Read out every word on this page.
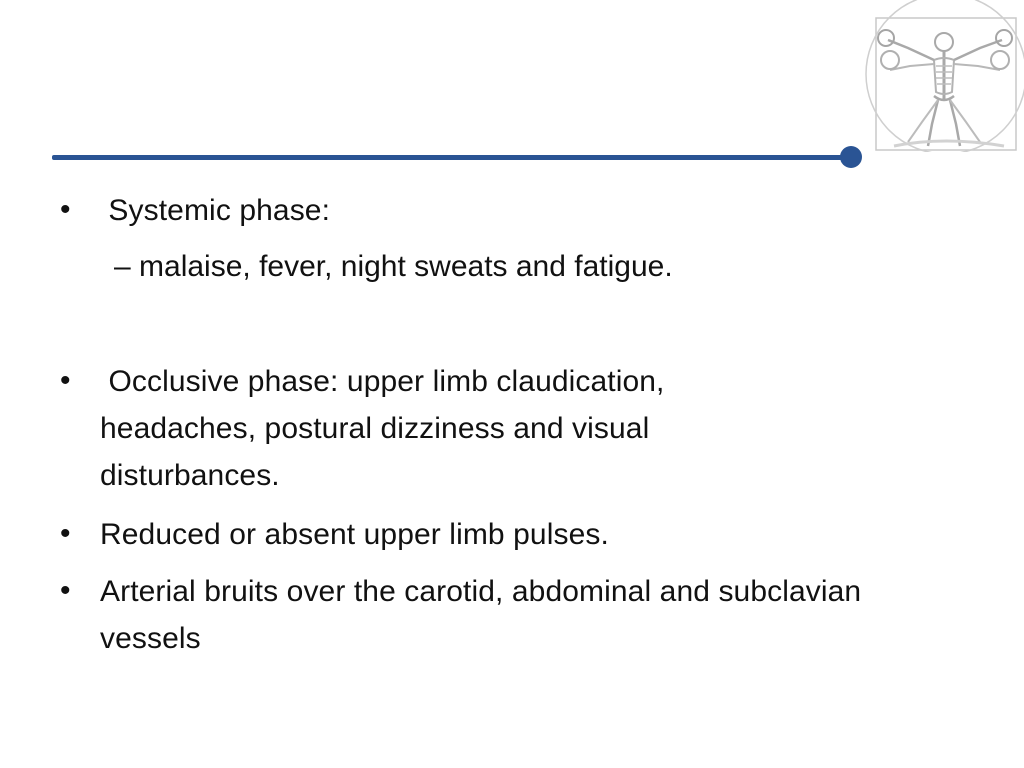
• Systemic phase:
– malaise, fever, night sweats and fatigue.
• Occlusive phase: upper limb claudication, headaches, postural dizziness and visual disturbances.
• Reduced or absent upper limb pulses.
• Arterial bruits over the carotid, abdominal and subclavian vessels
